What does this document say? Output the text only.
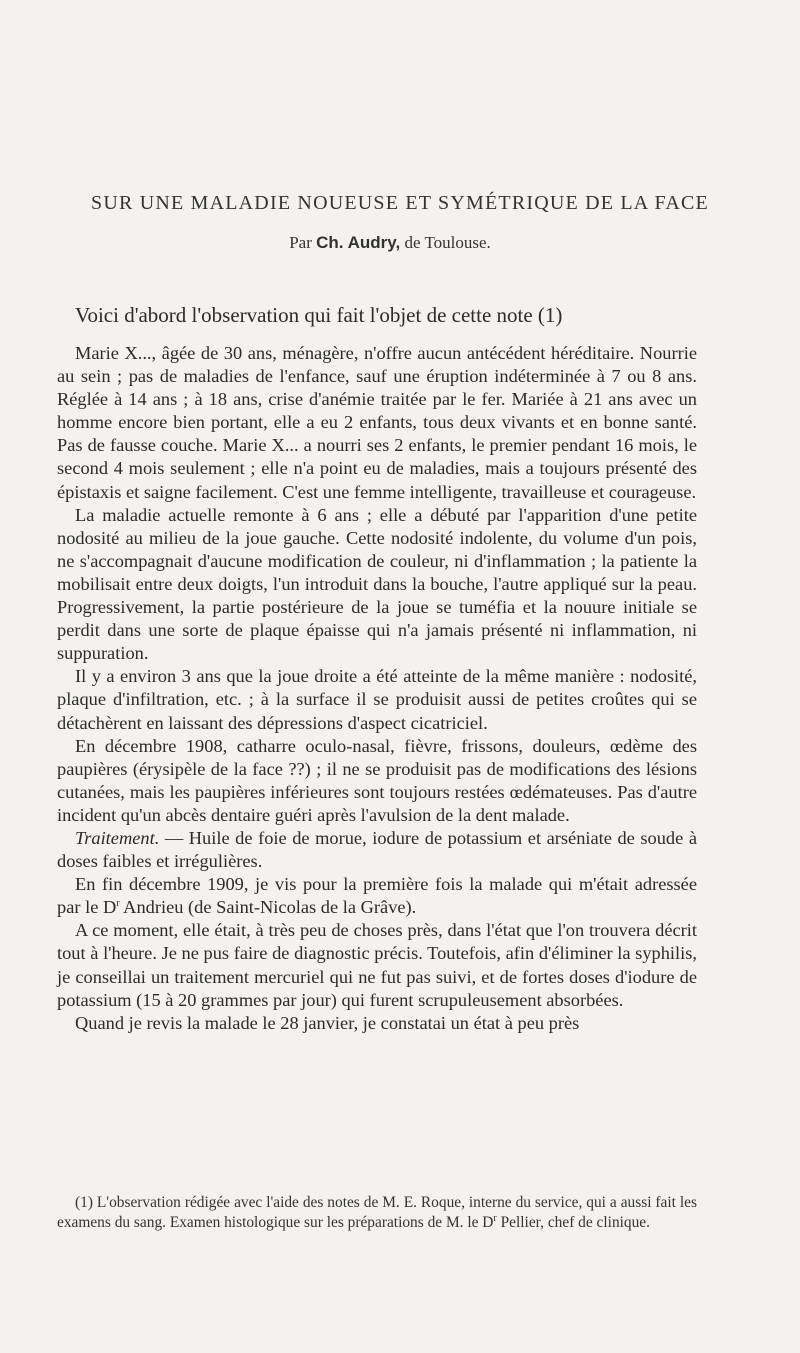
SUR UNE MALADIE NOUEUSE ET SYMÉTRIQUE DE LA FACE
Par Ch. Audry, de Toulouse.

Voici d'abord l'observation qui fait l'objet de cette note (1)

Marie X..., âgée de 30 ans, ménagère, n'offre aucun antécédent héréditaire. Nourrie au sein ; pas de maladies de l'enfance, sauf une éruption indéterminée à 7 ou 8 ans. Réglée à 14 ans ; à 18 ans, crise d'anémie traitée par le fer. Mariée à 21 ans avec un homme encore bien portant, elle a eu 2 enfants, tous deux vivants et en bonne santé. Pas de fausse couche. Marie X... a nourri ses 2 enfants, le premier pendant 16 mois, le second 4 mois seulement ; elle n'a point eu de maladies, mais a toujours présenté des épistaxis et saigne facilement. C'est une femme intelligente, travailleuse et courageuse.

La maladie actuelle remonte à 6 ans ; elle a débuté par l'apparition d'une petite nodosité au milieu de la joue gauche. Cette nodosité indolente, du volume d'un pois, ne s'accompagnait d'aucune modification de couleur, ni d'inflammation ; la patiente la mobilisait entre deux doigts, l'un introduit dans la bouche, l'autre appliqué sur la peau. Progressivement, la partie postérieure de la joue se tuméfia et la nouure initiale se perdit dans une sorte de plaque épaisse qui n'a jamais présenté ni inflammation, ni suppuration.

Il y a environ 3 ans que la joue droite a été atteinte de la même manière : nodosité, plaque d'infiltration, etc. ; à la surface il se produisit aussi de petites croûtes qui se détachèrent en laissant des dépressions d'aspect cicatriciel.

En décembre 1908, catharre oculo-nasal, fièvre, frissons, douleurs, œdème des paupières (érysipèle de la face ??) ; il ne se produisit pas de modifications des lésions cutanées, mais les paupières inférieures sont toujours restées œdémateuses. Pas d'autre incident qu'un abcès dentaire guéri après l'avulsion de la dent malade.

Traitement. — Huile de foie de morue, iodure de potassium et arséniate de soude à doses faibles et irrégulières.

En fin décembre 1909, je vis pour la première fois la malade qui m'était adressée par le $D^r$ Andrieu (de Saint-Nicolas de la Grâve).

A ce moment, elle était, à très peu de choses près, dans l'état que l'on trouvera décrit tout à l'heure. Je ne pus faire de diagnostic précis. Toutefois, afin d'éliminer la syphilis, je conseillai un traitement mercuriel qui ne fut pas suivi, et de fortes doses d'iodure de potassium (15 à 20 grammes par jour) qui furent scrupuleusement absorbées.

Quand je revis la malade le 28 janvier, je constatai un état à peu près

(1) L'observation rédigée avec l'aide des notes de M. E. Roque, interne du service, qui a aussi fait les examens du sang. Examen histologique sur les préparations de M. le $D^r$ Pellier, chef de clinique.
